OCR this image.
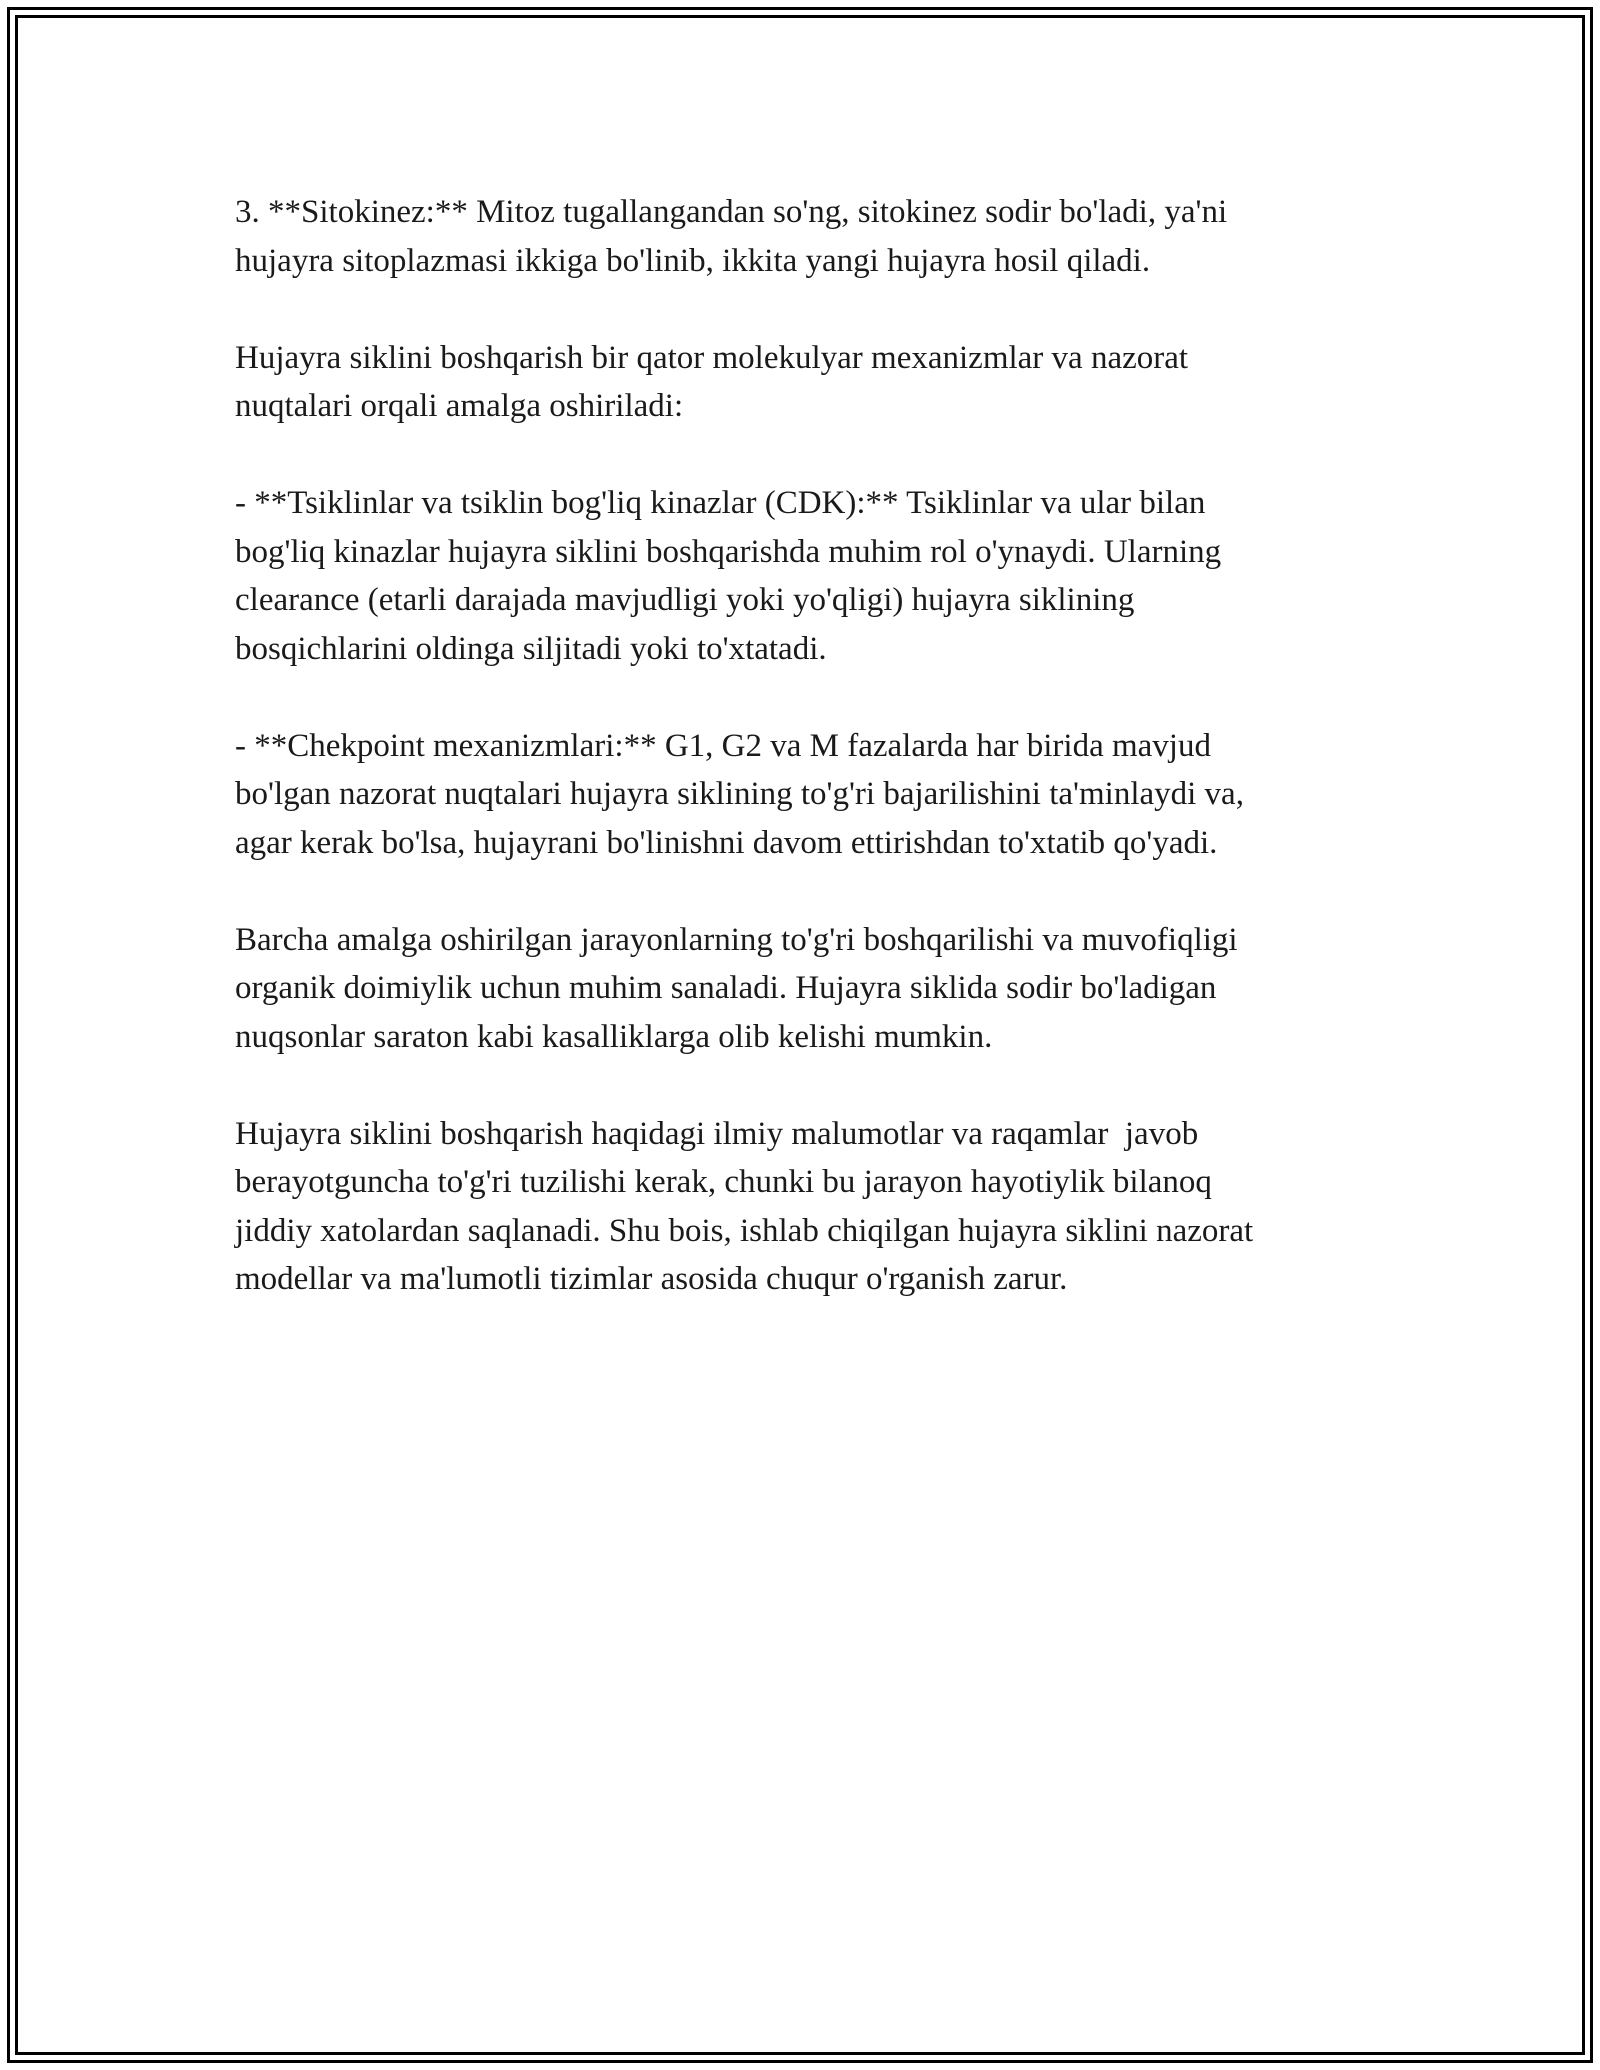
3. **Sitokinez:** Mitoz tugallangandan so'ng, sitokinez sodir bo'ladi, ya'ni
hujayra sitoplazmasi ikkiga bo'linib, ikkita yangi hujayra hosil qiladi.

Hujayra siklini boshqarish bir qator molekulyar mexanizmlar va nazorat
nuqtalari orqali amalga oshiriladi:

- **Tsiklinlar va tsiklin bog'liq kinazlar (CDK):** Tsiklinlar va ular bilan
bog'liq kinazlar hujayra siklini boshqarishda muhim rol o'ynaydi. Ularning
clearance (etarli darajada mavjudligi yoki yo'qligi) hujayra siklining
bosqichlarini oldinga siljitadi yoki to'xtatadi.

- **Chekpoint mexanizmlari:** G1, G2 va M fazalarda har birida mavjud
bo'lgan nazorat nuqtalari hujayra siklining to'g'ri bajarilishini ta'minlaydi va,
agar kerak bo'lsa, hujayrani bo'linishni davom ettirishdan to'xtatib qo'yadi.

Barcha amalga oshirilgan jarayonlarning to'g'ri boshqarilishi va muvofiqligi
organik doimiylik uchun muhim sanaladi. Hujayra siklida sodir bo'ladigan
nuqsonlar saraton kabi kasalliklarga olib kelishi mumkin.

Hujayra siklini boshqarish haqidagi ilmiy malumotlar va raqamlar  javob
berayotguncha to'g'ri tuzilishi kerak, chunki bu jarayon hayotiylik bilanoq
jiddiy xatolardan saqlanadi. Shu bois, ishlab chiqilgan hujayra siklini nazorat
modellar va ma'lumotli tizimlar asosida chuqur o'rganish zarur.
